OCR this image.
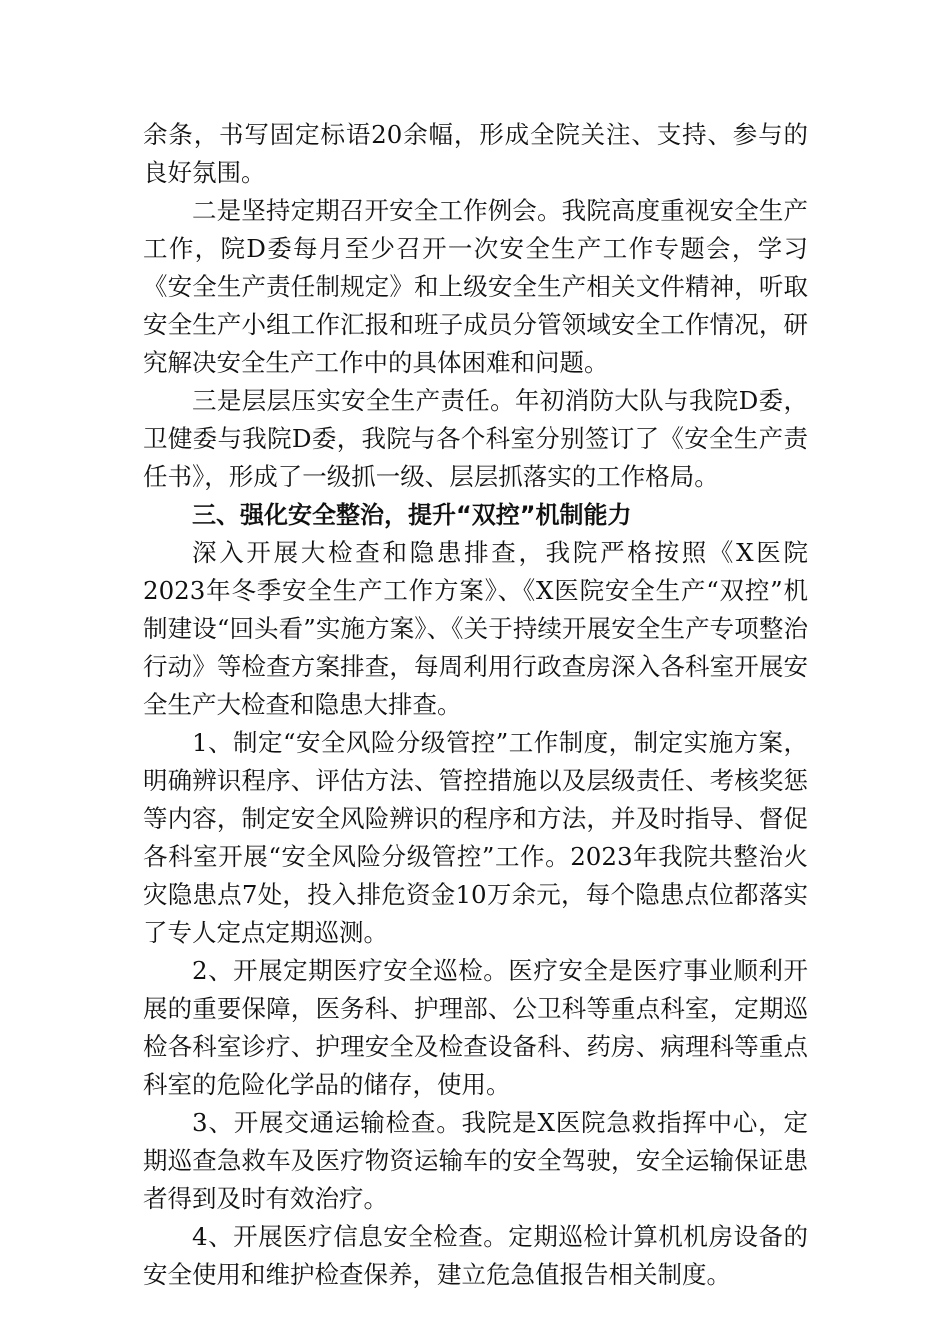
余条，书写固定标语20余幅，形成全院关注、支持、参与的良好氛围。

二是坚持定期召开安全工作例会。我院高度重视安全生产工作，院D委每月至少召开一次安全生产工作专题会，学习《安全生产责任制规定》和上级安全生产相关文件精神，听取安全生产小组工作汇报和班子成员分管领域安全工作情况，研究解决安全生产工作中的具体困难和问题。

三是层层压实安全生产责任。年初消防大队与我院D委，卫健委与我院D委，我院与各个科室分别签订了《安全生产责任书》，形成了一级抓一级、层层抓落实的工作格局。

三、强化安全整治，提升“双控”机制能力

深入开展大检查和隐患排查，我院严格按照《X医院2023年冬季安全生产工作方案》、《X医院安全生产“双控”机制建设“回头看”实施方案》、《关于持续开展安全生产专项整治行动》等检查方案排查，每周利用行政查房深入各科室开展安全生产大检查和隐患大排查。

1、制定“安全风险分级管控”工作制度，制定实施方案，明确辨识程序、评估方法、管控措施以及层级责任、考核奖惩等内容，制定安全风险辨识的程序和方法，并及时指导、督促各科室开展“安全风险分级管控”工作。2023年我院共整治火灾隐患点7处，投入排危资金10万余元，每个隐患点位都落实了专人定点定期巡测。

2、开展定期医疗安全巡检。医疗安全是医疗事业顺利开展的重要保障，医务科、护理部、公卫科等重点科室，定期巡检各科室诊疗、护理安全及检查设备科、药房、病理科等重点科室的危险化学品的储存，使用。

3、开展交通运输检查。我院是X医院急救指挥中心，定期巡查急救车及医疗物资运输车的安全驾驶，安全运输保证患者得到及时有效治疗。

4、开展医疗信息安全检查。定期巡检计算机机房设备的安全使用和维护检查保养，建立危急值报告相关制度。
